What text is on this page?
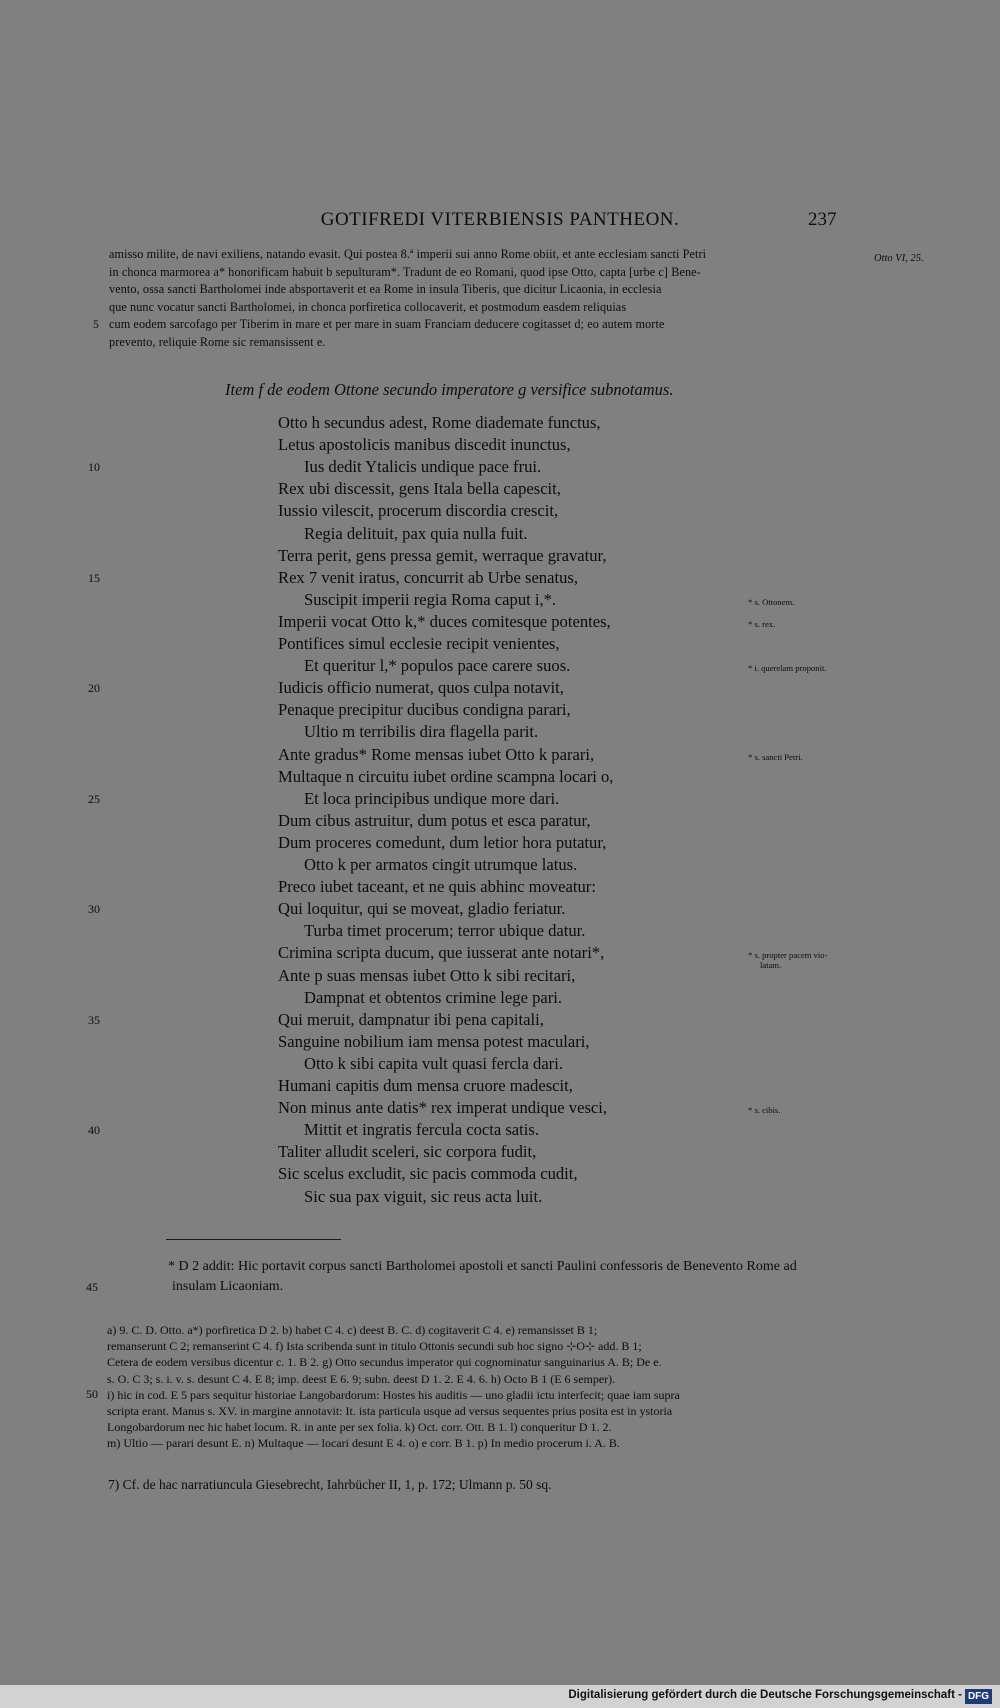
GOTIFREDI VITERBIENSIS PANTHEON.	237
amisso milite, de navi exiliens, natando evasit. Qui postea 8.ª imperii sui anno Rome obiit, et ante ecclesiam sancti Petri
in chonca marmorea a* honorificam habuit b sepulturam*. Tradunt de eo Romani, quod ipse Otto, capta [urbe c] Bene-
vento, ossa sancti Bartholomei inde absportaverit et ea Rome in insula Tiberis, que dicitur Licaonia, in ecclesia
que nunc vocatur sancti Bartholomei, in chonca porfiretica collocaverit, et postmodum easdem reliquias
cum eodem sarcofago per Tiberim in mare et per mare in suam Franciam deducere cogitasset d; eo autem morte
prevento, reliquie Rome sic remansissent e.
5
Otto VI, 25.
Item f de eodem Ottone secundo imperatore g versifice subnotamus.
Otto h secundus adest, Rome diademate functus,
Letus apostolicis manibus discedit inunctus,
Ius dedit Ytalicis undique pace frui.
10
Rex ubi discessit, gens Itala bella capescit,
Iussio vilescit, procerum discordia crescit,
Regia delituit, pax quia nulla fuit.
Terra perit, gens pressa gemit, werraque gravatur,
Rex 7 venit iratus, concurrit ab Urbe senatus,
15
Suscipit imperii regia Roma caput i,*.	* s. Ottonem.
Imperii vocat Otto k,* duces comitesque potentes,	* s. rex.
Pontifices simul ecclesie recipit venientes,
Et queritur l,* populos pace carere suos.	* i. querelam proponit.
Iudicis officio numerat, quos culpa notavit,
20
Penaque precipitur ducibus condigna parari,
Ultio m terribilis dira flagella parit.
Ante gradus* Rome mensas iubet Otto k parari,	* s. sancti Petri.
Multaque n circuitu iubet ordine scampna locari o,
Et loca principibus undique more dari.
25
Dum cibus astruitur, dum potus et esca paratur,
Dum proceres comedunt, dum letior hora putatur,
Otto k per armatos cingit utrumque latus.
Preco iubet taceant, et ne quis abhinc moveatur:
Qui loquitur, qui se moveat, gladio feriatur.
30
Turba timet procerum; terror ubique datur.
Crimina scripta ducum, que iusserat ante notari*,	* s. propter pacem vio-
latam.
Ante p suas mensas iubet Otto k sibi recitari,
Dampnat et obtentos crimine lege pari.
Qui meruit, dampnatur ibi pena capitali,
35
Sanguine nobilium iam mensa potest maculari,
Otto k sibi capita vult quasi fercla dari.
Humani capitis dum mensa cruore madescit,
Non minus ante datis* rex imperat undique vesci,	* s. cibis.
Mittit et ingratis fercula cocta satis.
40
Taliter alludit sceleri, sic corpora fudit,
Sic scelus excludit, sic pacis commoda cudit,
Sic sua pax viguit, sic reus acta luit.
* D 2 addit: Hic portavit corpus sancti Bartholomei apostoli et sancti Paulini confessoris de Benevento Rome ad insulam Licaoniam.
45
a) 9. C. D. Otto. a*) porfiretica D 2. b) habet C 4. c) deest B. C. d) cogitaverit C 4. e) remansisset B 1;
remanserunt C 2; remanserint C 4. f) Ista scribenda sunt in titulo Ottonis secundi sub hoc signo ⊹O⊹ add. B 1;
Cetera de eodem versibus dicentur c. 1. B 2. g) Otto secundus imperator qui cognominatur sanguinarius A. B; De e.
s. O. C 3; s. i. v. s. desunt C 4. E 8; imp. deest E 6. 9; subn. deest D 1. 2. E 4. 6. h) Octo B 1 (E 6 semper).
i) hic in cod. E 5 pars sequitur historiae Langobardorum: Hostes his auditis — uno gladii ictu interfecit; quae iam supra
scripta erant. Manus s. XV. in margine annotavit: It. ista particula usque ad versus sequentes prius posita est in ystoria
Longobardorum nec hic habet locum. R. in ante per sex folia. k) Oct. corr. Ott. B 1. l) conqueritur D 1. 2.
m) Ultio — parari desunt E. n) Multaque — locari desunt E 4. o) e corr. B 1. p) In medio procerum i. A. B.
50
7) Cf. de hac narratiuncula Giesebrecht, Iahrbücher II, 1, p. 172; Ulmann p. 50 sq.
Digitalisierung gefördert durch die Deutsche Forschungsgemeinschaft - DFG
